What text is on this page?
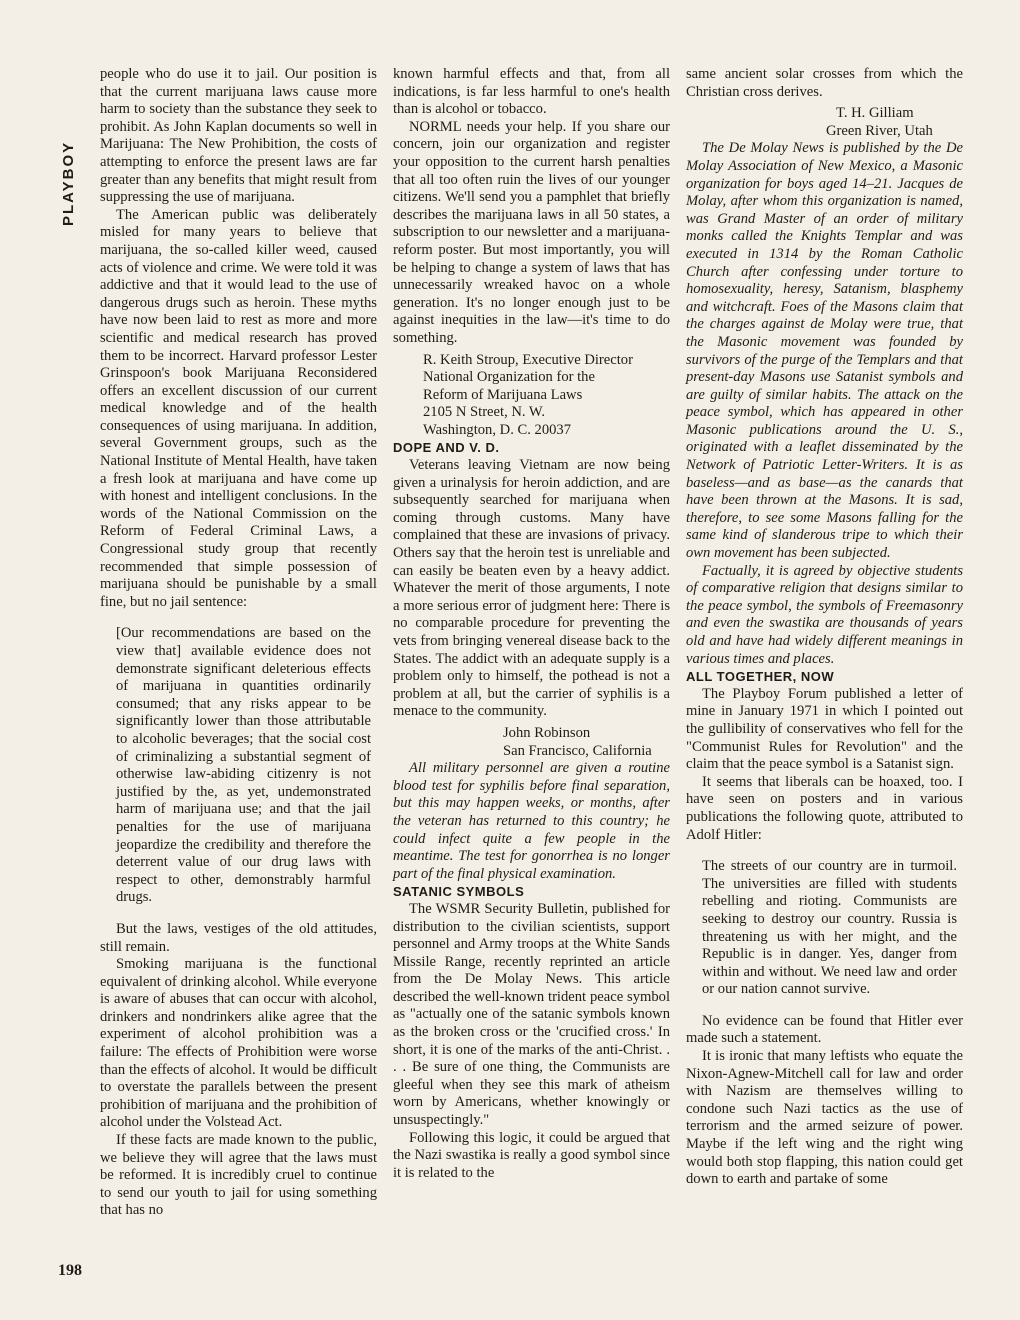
PLAYBOY

people who do use it to jail. Our position is that the current marijuana laws cause more harm to society than the substance they seek to prohibit. As John Kaplan documents so well in Marijuana: The New Prohibition, the costs of attempting to enforce the present laws are far greater than any benefits that might result from suppressing the use of marijuana.

The American public was deliberately misled for many years to believe that marijuana, the so-called killer weed, caused acts of violence and crime. We were told it was addictive and that it would lead to the use of dangerous drugs such as heroin. These myths have now been laid to rest as more and more scientific and medical research has proved them to be incorrect. Harvard professor Lester Grinspoon's book Marijuana Reconsidered offers an excellent discussion of our current medical knowledge and of the health consequences of using marijuana. In addition, several Government groups, such as the National Institute of Mental Health, have taken a fresh look at marijuana and have come up with honest and intelligent conclusions. In the words of the National Commission on the Reform of Federal Criminal Laws, a Congressional study group that recently recommended that simple possession of marijuana should be punishable by a small fine, but no jail sentence:

[Our recommendations are based on the view that] available evidence does not demonstrate significant deleterious effects of marijuana in quantities ordinarily consumed; that any risks appear to be significantly lower than those attributable to alcoholic beverages; that the social cost of criminalizing a substantial segment of otherwise law-abiding citizenry is not justified by the, as yet, undemonstrated harm of marijuana use; and that the jail penalties for the use of marijuana jeopardize the credibility and therefore the deterrent value of our drug laws with respect to other, demonstrably harmful drugs.

But the laws, vestiges of the old attitudes, still remain.

Smoking marijuana is the functional equivalent of drinking alcohol. While everyone is aware of abuses that can occur with alcohol, drinkers and nondrinkers alike agree that the experiment of alcohol prohibition was a failure: The effects of Prohibition were worse than the effects of alcohol. It would be difficult to overstate the parallels between the present prohibition of marijuana and the prohibition of alcohol under the Volstead Act.

If these facts are made known to the public, we believe they will agree that the laws must be reformed. It is incredibly cruel to continue to send our youth to jail for using something that has no

known harmful effects and that, from all indications, is far less harmful to one's health than is alcohol or tobacco.

NORML needs your help. If you share our concern, join our organization and register your opposition to the current harsh penalties that all too often ruin the lives of our younger citizens. We'll send you a pamphlet that briefly describes the marijuana laws in all 50 states, a subscription to our newsletter and a marijuana-reform poster. But most importantly, you will be helping to change a system of laws that has unnecessarily wreaked havoc on a whole generation. It's no longer enough just to be against inequities in the law—it's time to do something.

R. Keith Stroup, Executive Director

National Organization for the

Reform of Marijuana Laws

2105 N Street, N. W.

Washington, D. C. 20037

DOPE AND V. D.

Veterans leaving Vietnam are now being given a urinalysis for heroin addiction, and are subsequently searched for marijuana when coming through customs. Many have complained that these are invasions of privacy. Others say that the heroin test is unreliable and can easily be beaten even by a heavy addict. Whatever the merit of those arguments, I note a more serious error of judgment here: There is no comparable procedure for preventing the vets from bringing venereal disease back to the States. The addict with an adequate supply is a problem only to himself, the pothead is not a problem at all, but the carrier of syphilis is a menace to the community.

John Robinson

San Francisco, California

All military personnel are given a routine blood test for syphilis before final separation, but this may happen weeks, or months, after the veteran has returned to this country; he could infect quite a few people in the meantime. The test for gonorrhea is no longer part of the final physical examination.

SATANIC SYMBOLS

The WSMR Security Bulletin, published for distribution to the civilian scientists, support personnel and Army troops at the White Sands Missile Range, recently reprinted an article from the De Molay News. This article described the well-known trident peace symbol as "actually one of the satanic symbols known as the broken cross or the 'crucified cross.' In short, it is one of the marks of the anti-Christ. . . . Be sure of one thing, the Communists are gleeful when they see this mark of atheism worn by Americans, whether knowingly or unsuspectingly."

Following this logic, it could be argued that the Nazi swastika is really a good symbol since it is related to the

same ancient solar crosses from which the Christian cross derives.

T. H. Gilliam

Green River, Utah

The De Molay News is published by the De Molay Association of New Mexico, a Masonic organization for boys aged 14–21. Jacques de Molay, after whom this organization is named, was Grand Master of an order of military monks called the Knights Templar and was executed in 1314 by the Roman Catholic Church after confessing under torture to homosexuality, heresy, Satanism, blasphemy and witchcraft. Foes of the Masons claim that the charges against de Molay were true, that the Masonic movement was founded by survivors of the purge of the Templars and that present-day Masons use Satanist symbols and are guilty of similar habits. The attack on the peace symbol, which has appeared in other Masonic publications around the U. S., originated with a leaflet disseminated by the Network of Patriotic Letter-Writers. It is as baseless—and as base—as the canards that have been thrown at the Masons. It is sad, therefore, to see some Masons falling for the same kind of slanderous tripe to which their own movement has been subjected.

Factually, it is agreed by objective students of comparative religion that designs similar to the peace symbol, the symbols of Freemasonry and even the swastika are thousands of years old and have had widely different meanings in various times and places.

ALL TOGETHER, NOW

The Playboy Forum published a letter of mine in January 1971 in which I pointed out the gullibility of conservatives who fell for the "Communist Rules for Revolution" and the claim that the peace symbol is a Satanist sign.

It seems that liberals can be hoaxed, too. I have seen on posters and in various publications the following quote, attributed to Adolf Hitler:

The streets of our country are in turmoil. The universities are filled with students rebelling and rioting. Communists are seeking to destroy our country. Russia is threatening us with her might, and the Republic is in danger. Yes, danger from within and without. We need law and order or our nation cannot survive.

No evidence can be found that Hitler ever made such a statement.

It is ironic that many leftists who equate the Nixon-Agnew-Mitchell call for law and order with Nazism are themselves willing to condone such Nazi tactics as the use of terrorism and the armed seizure of power. Maybe if the left wing and the right wing would both stop flapping, this nation could get down to earth and partake of some

198
